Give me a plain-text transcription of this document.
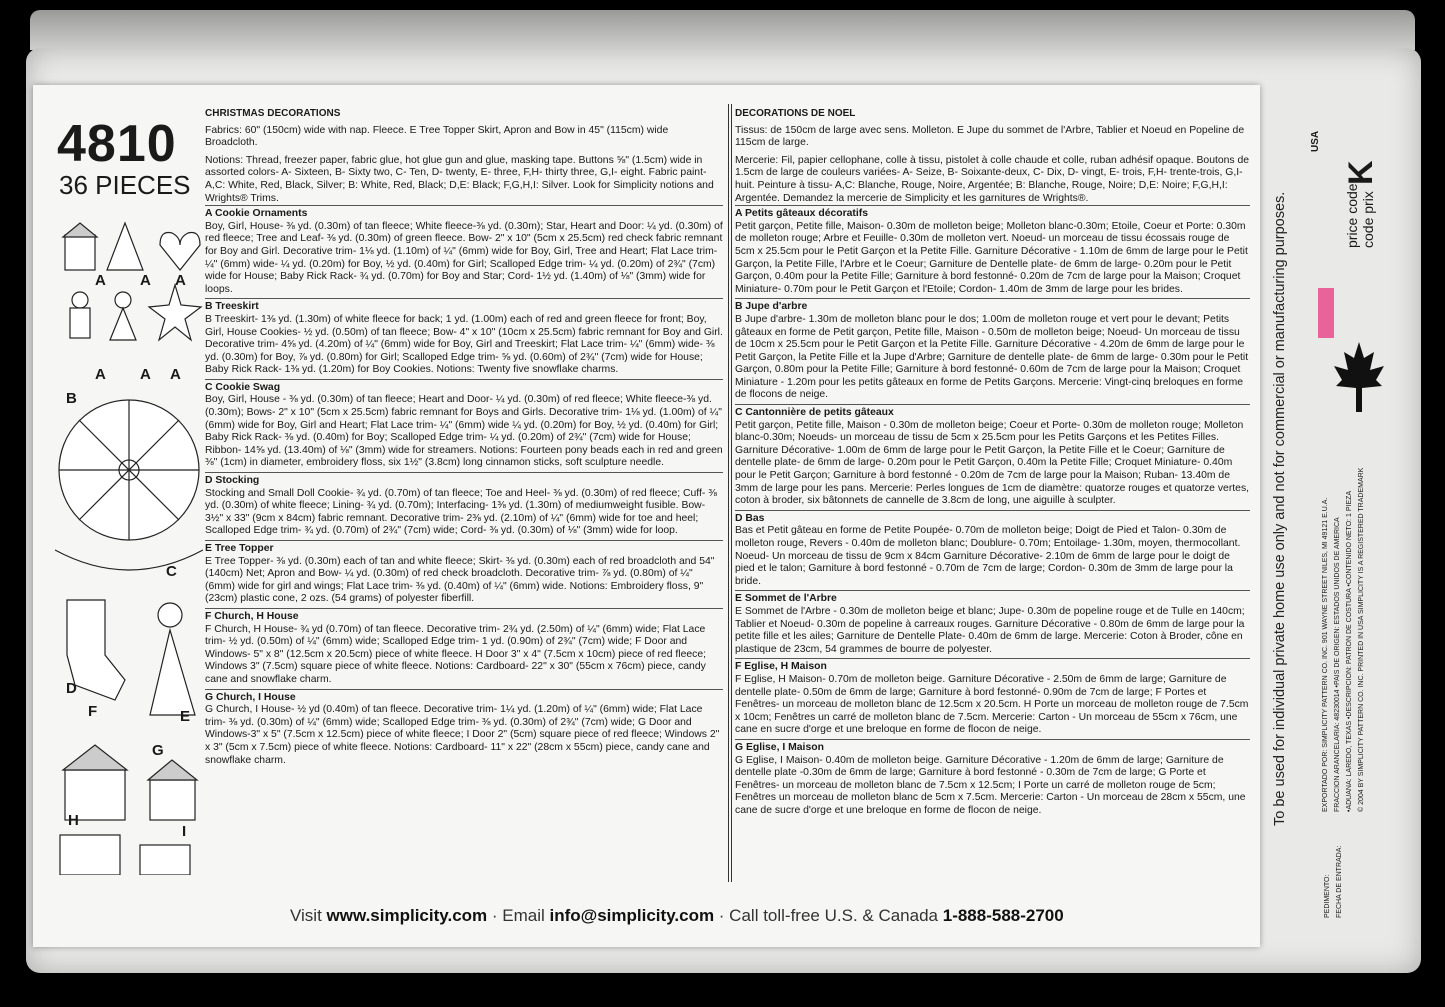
4810
36 PIECES
A A A
A A A
B
C
D
E
F
G
H
I
CHRISTMAS DECORATIONS

Fabrics: 60" (150cm) wide with nap. Fleece. E Tree Topper Skirt, Apron and Bow in 45" (115cm) wide Broadcloth.

Notions: Thread, freezer paper, fabric glue, hot glue gun and glue, masking tape. Buttons ⅝" (1.5cm) wide in assorted colors- A- Sixteen, B- Sixty two, C- Ten, D- twenty, E- three, F,H- thirty three, G,I- eight. Fabric paint- A,C: White, Red, Black, Silver; B: White, Red, Black; D,E: Black; F,G,H,I: Silver. Look for Simplicity notions and Wrights® Trims.

A Cookie Ornaments

Boy, Girl, House- ⅜ yd. (0.30m) of tan fleece; White fleece-⅜ yd. (0.30m); Star, Heart and Door: ¼ yd. (0.30m) of red fleece; Tree and Leaf- ⅜ yd. (0.30m) of green fleece. Bow- 2" x 10" (5cm x 25.5cm) red check fabric remnant for Boy and Girl. Decorative trim- 1⅛ yd. (1.10m) of ¼" (6mm) wide for Boy, Girl, Tree and Heart; Flat Lace trim- ¼" (6mm) wide- ¼ yd. (0.20m) for Boy, ½ yd. (0.40m) for Girl; Scalloped Edge trim- ¼ yd. (0.20m) of 2¾" (7cm) wide for House; Baby Rick Rack- ¾ yd. (0.70m) for Boy and Star; Cord- 1½ yd. (1.40m) of ⅛" (3mm) wide for loops.

B Treeskirt

B Treeskirt- 1⅜ yd. (1.30m) of white fleece for back; 1 yd. (1.00m) each of red and green fleece for front; Boy, Girl, House Cookies- ½ yd. (0.50m) of tan fleece; Bow- 4" x 10" (10cm x 25.5cm) fabric remnant for Boy and Girl. Decorative trim- 4⅝ yd. (4.20m) of ¼" (6mm) wide for Boy, Girl and Treeskirt; Flat Lace trim- ¼" (6mm) wide- ⅜ yd. (0.30m) for Boy, ⅞ yd. (0.80m) for Girl; Scalloped Edge trim- ⅝ yd. (0.60m) of 2¾" (7cm) wide for House; Baby Rick Rack- 1⅜ yd. (1.20m) for Boy Cookies. Notions: Twenty five snowflake charms.

C Cookie Swag

Boy, Girl, House - ⅜ yd. (0.30m) of tan fleece; Heart and Door- ¼ yd. (0.30m) of red fleece; White fleece-⅜ yd. (0.30m); Bows- 2" x 10" (5cm x 25.5cm) fabric remnant for Boys and Girls. Decorative trim- 1⅛ yd. (1.00m) of ¼" (6mm) wide for Boy, Girl and Heart; Flat Lace trim- ¼" (6mm) wide ¼ yd. (0.20m) for Boy, ½ yd. (0.40m) for Girl; Baby Rick Rack- ⅜ yd. (0.40m) for Boy; Scalloped Edge trim- ¼ yd. (0.20m) of 2¾" (7cm) wide for House; Ribbon- 14⅝ yd. (13.40m) of ⅛" (3mm) wide for streamers. Notions: Fourteen pony beads each in red and green ⅜" (1cm) in diameter, embroidery floss, six 1½" (3.8cm) long cinnamon sticks, soft sculpture needle.

D Stocking

Stocking and Small Doll Cookie- ¾ yd. (0.70m) of tan fleece; Toe and Heel- ⅜ yd. (0.30m) of red fleece; Cuff- ⅜ yd. (0.30m) of white fleece; Lining- ¾ yd. (0.70m); Interfacing- 1⅜ yd. (1.30m) of mediumweight fusible. Bow- 3½" x 33" (9cm x 84cm) fabric remnant. Decorative trim- 2⅜ yd. (2.10m) of ¼" (6mm) wide for toe and heel; Scalloped Edge trim- ¾ yd. (0.70m) of 2¾" (7cm) wide; Cord- ⅜ yd. (0.30m) of ⅛" (3mm) wide for loop.

E Tree Topper

E Tree Topper- ⅜ yd. (0.30m) each of tan and white fleece; Skirt- ⅜ yd. (0.30m) each of red broadcloth and 54" (140cm) Net; Apron and Bow- ¼ yd. (0.30m) of red check broadcloth. Decorative trim- ⅞ yd. (0.80m) of ¼" (6mm) wide for girl and wings; Flat Lace trim- ⅜ yd. (0.40m) of ¼" (6mm) wide. Notions: Embroidery floss, 9" (23cm) plastic cone, 2 ozs. (54 grams) of polyester fiberfill.

F Church, H House

F Church, H House- ¾ yd (0.70m) of tan fleece. Decorative trim- 2¾ yd. (2.50m) of ¼" (6mm) wide; Flat Lace trim- ½ yd. (0.50m) of ¼" (6mm) wide; Scalloped Edge trim- 1 yd. (0.90m) of 2¾" (7cm) wide; F Door and Windows- 5" x 8" (12.5cm x 20.5cm) piece of white fleece. H Door 3" x 4" (7.5cm x 10cm) piece of red fleece; Windows 3" (7.5cm) square piece of white fleece. Notions: Cardboard- 22" x 30" (55cm x 76cm) piece, candy cane and snowflake charm.

G Church, I House

G Church, I House- ½ yd (0.40m) of tan fleece. Decorative trim- 1¼ yd. (1.20m) of ¼" (6mm) wide; Flat Lace trim- ⅜ yd. (0.30m) of ¼" (6mm) wide; Scalloped Edge trim- ⅜ yd. (0.30m) of 2¾" (7cm) wide; G Door and Windows-3" x 5" (7.5cm x 12.5cm) piece of white fleece; I Door 2" (5cm) square piece of red fleece; Windows 2" x 3" (5cm x 7.5cm) piece of white fleece. Notions: Cardboard- 11" x 22" (28cm x 55cm) piece, candy cane and snowflake charm.

DECORATIONS DE NOEL

Tissus: de 150cm de large avec sens. Molleton. E Jupe du sommet de l'Arbre, Tablier et Noeud en Popeline de 115cm de large.

Mercerie: Fil, papier cellophane, colle à tissu, pistolet à colle chaude et colle, ruban adhésif opaque. Boutons de 1.5cm de large de couleurs variées- A- Seize, B- Soixante-deux, C- Dix, D- vingt, E- trois, F,H- trente-trois, G,I- huit. Peinture à tissu- A,C: Blanche, Rouge, Noire, Argentée; B: Blanche, Rouge, Noire; D,E: Noire; F,G,H,I: Argentée. Demandez la mercerie de Simplicity et les garnitures de Wrights®.

A Petits gâteaux décoratifs

Petit garçon, Petite fille, Maison- 0.30m de molleton beige; Molleton blanc-0.30m; Etoile, Coeur et Porte: 0.30m de molleton rouge; Arbre et Feuille- 0.30m de molleton vert. Noeud- un morceau de tissu écossais rouge de 5cm x 25.5cm pour le Petit Garçon et la Petite Fille. Garniture Décorative - 1.10m de 6mm de large pour le Petit Garçon, la Petite Fille, l'Arbre et le Coeur; Garniture de Dentelle plate- de 6mm de large- 0.20m pour le Petit Garçon, 0.40m pour la Petite Fille; Garniture à bord festonné- 0.20m de 7cm de large pour la Maison; Croquet Miniature- 0.70m pour le Petit Garçon et l'Etoile; Cordon- 1.40m de 3mm de large pour les brides.

B Jupe d'arbre

B Jupe d'arbre- 1.30m de molleton blanc pour le dos; 1.00m de molleton rouge et vert pour le devant; Petits gâteaux en forme de Petit garçon, Petite fille, Maison - 0.50m de molleton beige; Noeud- Un morceau de tissu de 10cm x 25.5cm pour le Petit Garçon et la Petite Fille. Garniture Décorative - 4.20m de 6mm de large pour le Petit Garçon, la Petite Fille et la Jupe d'Arbre; Garniture de dentelle plate- de 6mm de large- 0.30m pour le Petit Garçon, 0.80m pour la Petite Fille; Garniture à bord festonné- 0.60m de 7cm de large pour la Maison; Croquet Miniature - 1.20m pour les petits gâteaux en forme de Petits Garçons. Mercerie: Vingt-cinq breloques en forme de flocons de neige.

C Cantonnière de petits gâteaux

Petit garçon, Petite fille, Maison - 0.30m de molleton beige; Coeur et Porte- 0.30m de molleton rouge; Molleton blanc-0.30m; Noeuds- un morceau de tissu de 5cm x 25.5cm pour les Petits Garçons et les Petites Filles. Garniture Décorative- 1.00m de 6mm de large pour le Petit Garçon, la Petite Fille et le Coeur; Garniture de dentelle plate- de 6mm de large- 0.20m pour le Petit Garçon, 0.40m la Petite Fille; Croquet Miniature- 0.40m pour le Petit Garçon; Garniture à bord festonné - 0.20m de 7cm de large pour la Maison; Ruban- 13.40m de 3mm de large pour les pans. Mercerie: Perles longues de 1cm de diamètre: quatorze rouges et quatorze vertes, coton à broder, six bâtonnets de cannelle de 3.8cm de long, une aiguille à sculpter.

D Bas

Bas et Petit gâteau en forme de Petite Poupée- 0.70m de molleton beige; Doigt de Pied et Talon- 0.30m de molleton rouge, Revers - 0.40m de molleton blanc; Doublure- 0.70m; Entoilage- 1.30m, moyen, thermocollant. Noeud- Un morceau de tissu de 9cm x 84cm Garniture Décorative- 2.10m de 6mm de large pour le doigt de pied et le talon; Garniture à bord festonné - 0.70m de 7cm de large; Cordon- 0.30m de 3mm de large pour la bride.

E Sommet de l'Arbre

E Sommet de l'Arbre - 0.30m de molleton beige et blanc; Jupe- 0.30m de popeline rouge et de Tulle en 140cm; Tablier et Noeud- 0.30m de popeline à carreaux rouges. Garniture Décorative - 0.80m de 6mm de large pour la petite fille et les ailes; Garniture de Dentelle Plate- 0.40m de 6mm de large. Mercerie: Coton à Broder, cône en plastique de 23cm, 54 grammes de bourre de polyester.

F Eglise, H Maison

F Eglise, H Maison- 0.70m de molleton beige. Garniture Décorative - 2.50m de 6mm de large; Garniture de dentelle plate- 0.50m de 6mm de large; Garniture à bord festonné- 0.90m de 7cm de large; F Portes et Fenêtres- un morceau de molleton blanc de 12.5cm x 20.5cm. H Porte un morceau de molleton rouge de 7.5cm x 10cm; Fenêtres un carré de molleton blanc de 7.5cm. Mercerie: Carton - Un morceau de 55cm x 76cm, une cane en sucre d'orge et une breloque en forme de flocon de neige.

G Eglise, I Maison

G Eglise, I Maison- 0.40m de molleton beige. Garniture Décorative - 1.20m de 6mm de large; Garniture de dentelle plate -0.30m de 6mm de large; Garniture à bord festonné - 0.30m de 7cm de large; G Porte et Fenêtres- un morceau de molleton blanc de 7.5cm x 12.5cm; I Porte un carré de molleton rouge de 5cm; Fenêtres un morceau de molleton blanc de 5cm x 7.5cm. Mercerie: Carton - Un morceau de 28cm x 55cm, une cane de sucre d'orge et une breloque en forme de flocon de neige.

Visit www.simplicity.com · Email info@simplicity.com · Call toll-free U.S. & Canada 1-888-588-2700
To be used for individual private home use only and not for commercial or manufacturing purposes.	EXPORTADO POR: SIMPLICITY PATTERN CO. INC. 901 WAYNE STREET NILES, MI 49121 E.U.A. FRACCION ARANCELARIA: 48230014 •PAIS DE ORIGEN: ESTADOS UNIDOS DE AMERICA •ADUANA: LAREDO, TEXAS •DESCRIPCION: PATRON DE COSTURA •CONTENIDO NETO: 1 PIEZA © 2004 BY SIMPLICITY PATTERN CO. INC. PRINTED IN USA SIMPLICITY IS A REGISTERED TRADEMARK
PEDIMENTO: FECHA DE ENTRADA:
price code code prix
K
USA
